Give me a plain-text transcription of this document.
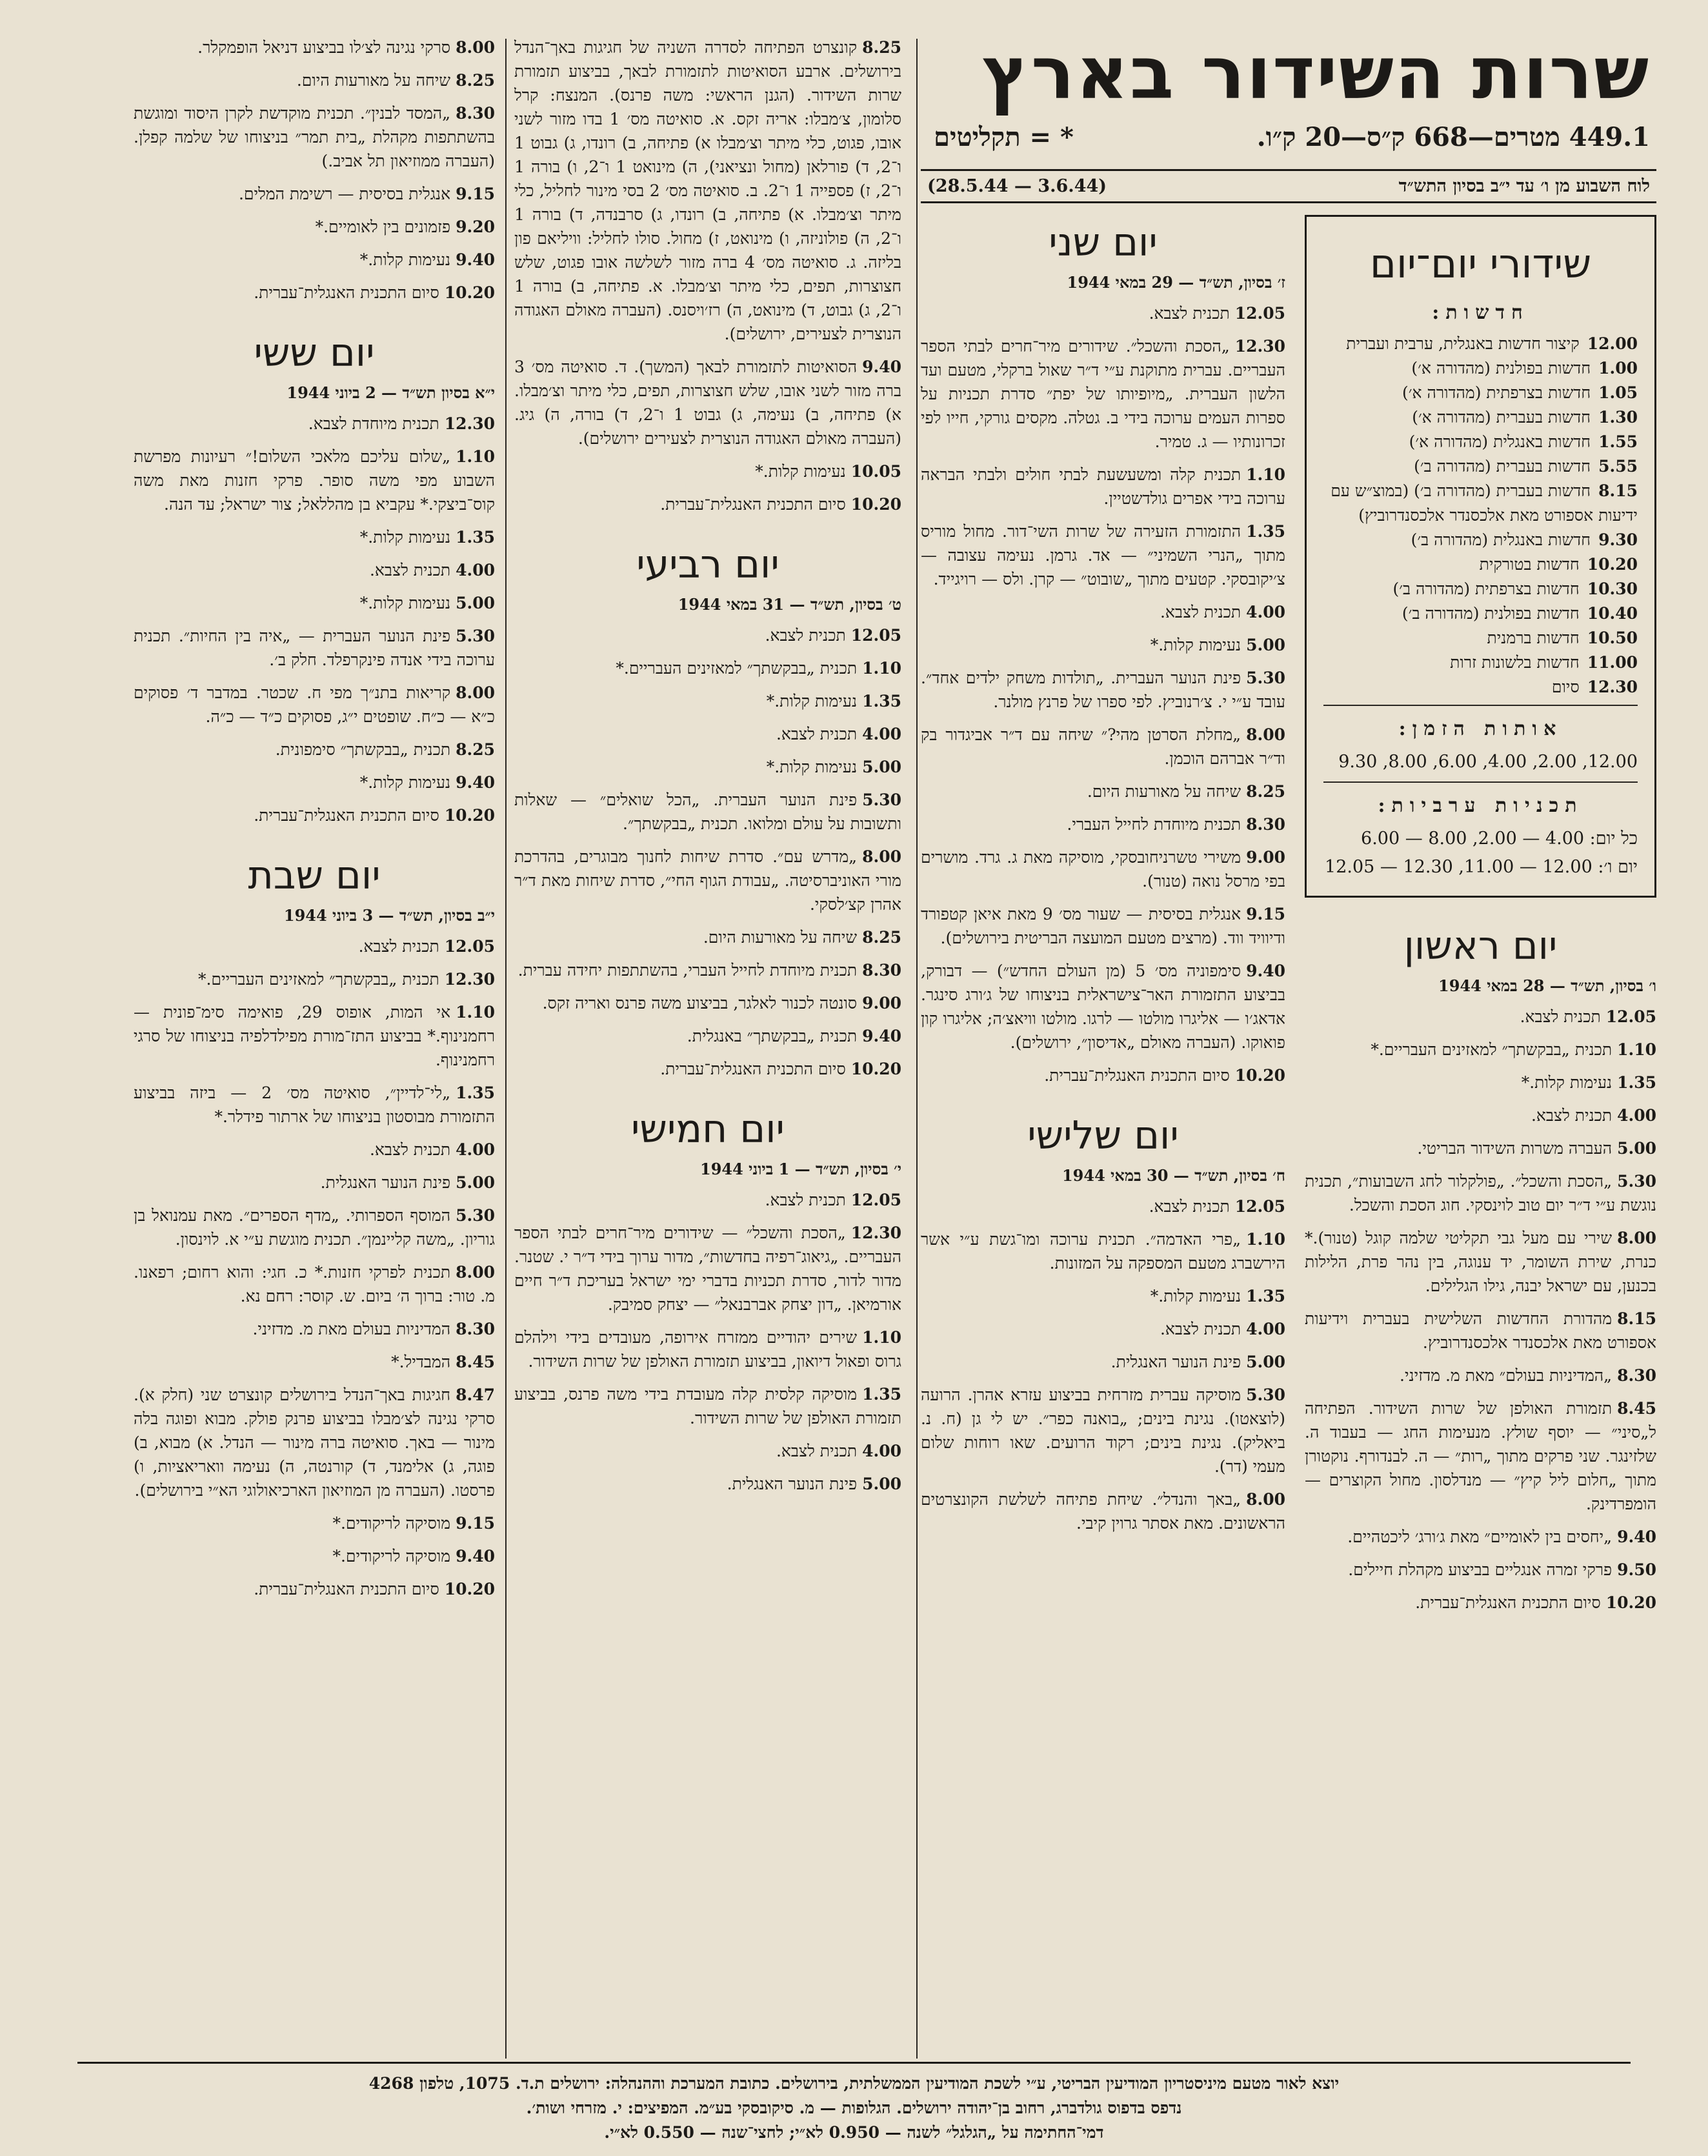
שרות השידור בארץ
449.1 מטרים—668 ק״ס—20 ק״ו.
* = תקליטים
לוח השבוע מן ו׳ עד י״ב בסיון התש״ד
(3.6.44 — 28.5.44)
שידורי יום־יום
חדשות:
12.00קיצור חדשות באנגלית, ערבית ועברית
1.00חדשות בפולנית (מהדורה א׳)
1.05חדשות בצרפתית (מהדורה א׳)
1.30חדשות בעברית (מהדורה א׳)
1.55חדשות באנגלית (מהדורה א׳)
5.55חדשות בעברית (מהדורה ב׳)
8.15חדשות בעברית (מהדורה ב׳) (במוצ״ש עם ידיעות אספורט מאת אלכסנדר אלכסנדרוביץ)
9.30חדשות באנגלית (מהדורה ב׳)
10.20חדשות בטורקית
10.30חדשות בצרפתית (מהדורה ב׳)
10.40חדשות בפולנית (מהדורה ב׳)
10.50חדשות ברמנית
11.00חדשות בלשונות זרות
12.30סיום
אותות הזמן:
12.00, 2.00, 4.00, 6.00, 8.00, 9.30
תכניות ערביות:
כל יום: 4.00 — 2.00, 8.00 — 6.00
יום ו׳: 12.00 — 11.00, 12.30 — 12.05
יום ראשון
ו׳ בסיון, תש״ד — 28 במאי 1944
12.05תכנית לצבא.
1.10תכנית „בבקשתך״ למאזינים העבריים.*
1.35נעימות קלות.*
4.00תכנית לצבא.
5.00העברה משרות השידור הבריטי.
5.30„הסכת והשכל״. „פולקלור לחג השבועות״, תכנית נוגשת ע״י ד״ר יום טוב לוינסקי. חוג הסכת והשכל.
8.00שירי עם מעל גבי תקליטי שלמה קוגל (טנור).* כנרת, שירת השומר, יד ענוגה, בין נהר פרת, הלילות בכנען, עם ישראל יבנה, גילו הגלילים.
8.15מהדורת החדשות השלישית בעברית וידיעות אספורט מאת אלכסנדר אלכסנדרוביץ.
8.30„המדיניות בעולם״ מאת מ. מדזיני.
8.45תזמורת האולפן של שרות השידור. הפתיחה ל„סיני״ — יוסף שולץ. מנעימות החג — בעבוד ה. שלזינגר. שני פרקים מתוך „רות״ — ה. לבנדורף. נוקטורן מתוך „חלום ליל קיץ״ — מנדלסון. מחול הקוצרים — הומפרדינק.
9.40„יחסים בין לאומיים״ מאת ג׳ורג׳ ליכטהיים.
9.50פרקי זמרה אנגליים בביצוע מקהלת חיילים.
10.20סיום התכנית האנגלית־עברית.
יום שני
ז׳ בסיון, תש״ד — 29 במאי 1944
12.05תכנית לצבא.
12.30„הסכת והשכל״. שידורים מיר־חרים לבתי הספר העבריים. עברית מתוקנת ע״י ד״ר שאול ברקלי, מטעם ועד הלשון העברית. „מיופיותו של יפת״ סדרת תכניות על ספרות העמים ערוכה בידי ב. גטלה. מקסים גורקי, חייו לפי זכרונותיו — ג. טמיר.
1.10תכנית קלה ומשעשעת לבתי חולים ולבתי הבראה ערוכה בידי אפרים גולדשטיין.
1.35התזמורת הזעירה של שרות השי־דור. מחול מוריס מתוך „הנרי השמיני״ — אד. גרמן. נעימה עצובה — צ׳יקובסקי. קטעים מתוך „שובוט״ — קרן. ולס — רויגייד.
4.00תכנית לצבא.
5.00נעימות קלות.*
5.30פינת הנוער העברית. „תולדות משחק ילדים אחד״. עובד ע״י י. צ׳רנוביץ. לפי ספרו של פרנץ מולנר.
8.00„מחלת הסרטן מהי?״ שיחה עם ד״ר אביגדור בק וד״ר אברהם הוכמן.
8.25שיחה על מאורעות היום.
8.30תכנית מיוחדת לחייל העברי.
9.00משירי טשרניחובסקי, מוסיקה מאת ג. גרד. מושרים בפי מרסל נואה (טנור).
9.15אנגלית בסיסית — שעור מס׳ 9 מאת איאן קטפורד ודיוויד ווד. (מרצים מטעם המועצה הבריטית בירושלים).
9.40סימפוניה מס׳ 5 (מן העולם החדש״) — דבורק, בביצוע התזמורת האר־צישראלית בניצוחו של ג׳ורג סינגר. אדאג׳ו — אליגרו מולטו — לרגו. מולטו וויאצ׳ה; אליגרו קון פואוקו. (העברה מאולם „אדיסון״, ירושלים).
10.20סיום התכנית האנגלית־עברית.
יום שלישי
ח׳ בסיון, תש״ד — 30 במאי 1944
12.05תכנית לצבא.
1.10„פרי האדמה״. תכנית ערוכה ומו־גשת ע״י אשר הירשברג מטעם המספקה על המזונות.
1.35נעימות קלות.*
4.00תכנית לצבא.
5.00פינת הנוער האנגלית.
5.30מוסיקה עברית מזרחית בביצוע עזרא אהרן. הרועה (לוצאטו). נגינת בינים; „בואנה כפר״. יש לי גן (ח. נ. ביאליק). נגינת בינים; רקוד הרועים. שאו רוחות שלום מעמי (דר).
8.00„באך והנדל״. שיחת פתיחה לשלשת הקונצרטים הראשונים. מאת אסתר גרוין קיבי.
8.25קונצרט הפתיחה לסדרה השניה של חגיגות באך־הנדל בירושלים. ארבע הסואיטות לתזמורת לבאך, בביצוע תזמורת שרות השידור. (הגנן הראשי: משה פרנס). המנצח: קרל סלומון, צ׳מבלו: אריה זקס. א. סואיטה מס׳ 1 בדו מזור לשני אובו, פגוט, כלי מיתר וצ׳מבלו א) פתיחה, ב) רונדו, ג) גבוט 1 ו־2, ד) פורלאן (מחול ונציאני), ה) מינואט 1 ו־2, ו) בורה 1 ו־2, ז) פספייה 1 ו־2. ב. סואיטה מס׳ 2 בסי מינור לחליל, כלי מיתר וצ׳מבלו. א) פתיחה, ב) רונדו, ג) סרבנדה, ד) בורה 1 ו־2, ה) פולוניזה, ו) מינואט, ז) מחול. סולו לחליל: וויליאם פון בליזה. ג. סואיטה מס׳ 4 ברה מזור לשלשה אובו פגוט, שלש חצוצרות, תפים, כלי מיתר וצ׳מבלו. א. פתיחה, ב) בורה 1 ו־2, ג) גבוט, ד) מינואט, ה) רז׳ויסנס. (העברה מאולם האגודה הנוצרית לצעירים, ירושלים).
9.40הסואיטות לתזמורת לבאך (המשך). ד. סואיטה מס׳ 3 ברה מזור לשני אובו, שלש חצוצרות, תפים, כלי מיתר וצ׳מבלו. א) פתיחה, ב) נעימה, ג) גבוט 1 ו־2, ד) בורה, ה) גיג. (העברה מאולם האגודה הנוצרית לצעירים ירושלים).
10.05נעימות קלות.*
10.20סיום התכנית האנגלית־עברית.
יום רביעי
ט׳ בסיון, תש״ד — 31 במאי 1944
12.05תכנית לצבא.
1.10תכנית „בבקשתך״ למאזינים העבריים.*
1.35נעימות קלות.*
4.00תכנית לצבא.
5.00נעימות קלות.*
5.30פינת הנוער העברית. „הכל שואלים״ — שאלות ותשובות על עולם ומלואו. תכנית „בבקשתך״.
8.00„מדרש עם״. סדרת שיחות לחנוך מבוגרים, בהדרכת מורי האוניברסיטה. „עבודת הגוף החי״, סדרת שיחות מאת ד״ר אהרן קצ׳לסקי.
8.25שיחה על מאורעות היום.
8.30תכנית מיוחדת לחייל העברי, בהשתתפות יחידה עברית.
9.00סונטה לכנור לאלגר, בביצוע משה פרנס ואריה זקס.
9.40תכנית „בבקשתך״ באנגלית.
10.20סיום התכנית האנגלית־עברית.
יום חמישי
י׳ בסיון, תש״ד — 1 ביוני 1944
12.05תכנית לצבא.
12.30„הסכת והשכל״ — שידורים מיר־חרים לבתי הספר העבריים. „גיאוג־רפיה בחדשות״, מדור ערוך בידי ד״ר י. שטנר. מדור לדור, סדרת תכניות בדברי ימי ישראל בעריכת ד״ר חיים אורמיאן. „דון יצחק אברבנאל״ — יצחק סמיבק.
1.10שירים יהודיים ממזרח אירופה, מעובדים בידי וילהלם גרוס ופאול דיואון, בביצוע תזמורת האולפן של שרות השידור.
1.35מוסיקה קלסית קלה מעובדת בידי משה פרנס, בביצוע תזמורת האולפן של שרות השידור.
4.00תכנית לצבא.
5.00פינת הנוער האנגלית.
8.00סרקי נגינה לצ׳לו בביצוע דניאל הופמקלר.
8.25שיחה על מאורעות היום.
8.30„המסד לבנין״. תכנית מוקדשת לקרן היסוד ומוגשת בהשתתפות מקהלת „בית תמר״ בניצוחו של שלמה קפלן. (העברה ממוזיאון תל אביב.)
9.15אנגלית בסיסית — רשימת המלים.
9.20פזמונים בין לאומיים.*
9.40נעימות קלות.*
10.20סיום התכנית האנגלית־עברית.
יום ששי
י״א בסיון תש״ד — 2 ביוני 1944
12.30תכנית מיוחדת לצבא.
1.10„שלום עליכם מלאכי השלום!״ רעיונות מפרשת השבוע מפי משה סופר. פרקי חזנות מאת משה קוס־ביצקי.* עקביא בן מהללאל; צור ישראל; עד הנה.
1.35נעימות קלות.*
4.00תכנית לצבא.
5.00נעימות קלות.*
5.30פינת הנוער העברית — „איה בין החיות״. תכנית ערוכה בידי אנדה פינקרפלד. חלק ב׳.
8.00קריאות בתנ״ך מפי ח. שכטר. במדבר ד׳ פסוקים כ״א — כ״ח. שופטים י״ג, פסוקים כ״ד — כ״ה.
8.25תכנית „בבקשתך״ סימפונית.
9.40נעימות קלות.*
10.20סיום התכנית האנגלית־עברית.
יום שבת
י״ב בסיון, תש״ד — 3 ביוני 1944
12.05תכנית לצבא.
12.30תכנית „בבקשתך״ למאזינים העבריים.*
1.10אי המות, אופוס 29, פואימה סימ־פונית — רחמנינוף.* בביצוע התז־מורת מפילדלפיה בניצוחו של סרגי רחמנינוף.
1.35„לי־לדיין״, סואיטה מס׳ 2 — ביזה בביצוע התזמורת מבוסטון בניצוחו של ארתור פידלר.*
4.00תכנית לצבא.
5.00פינת הנוער האנגלית.
5.30המוסף הספרותי. „מדף הספרים״. מאת עמנואל בן גוריון. „משה קליינמן״. תכנית מוגשת ע״י א. לוינסון.
8.00תכנית לפרקי חזנות.* כ. חגי: והוא רחום; רפאנו. מ. טור: ברוך ה׳ ביום. ש. קוסר: רחם נא.
8.30המדיניות בעולם מאת מ. מדזיני.
8.45המבדיל.*
8.47חגיגות באך־הנדל בירושלים קונצרט שני (חלק א). סרקי נגינה לצ׳מבלו בביצוע פרנק פולק. מבוא ופוגה בלה מינור — באך. סואיטה ברה מינור — הנדל. א) מבוא, ב) פוגה, ג) אלימנד, ד) קורנטה, ה) נעימה וואריאציות, ו) פרסטו. (העברה מן המוזיאון הארכיאולוגי הא״י בירושלים).
9.15מוסיקה לריקודים.*
9.40מוסיקה לריקודים.*
10.20סיום התכנית האנגלית־עברית.
יוצא לאור מטעם מיניסטריון המודיעין הבריטי, ע״י לשכת המודיעין הממשלתית, בירושלים. כתובת המערכת וההנהלה: ירושלים ת.ד. 1075, טלפון 4268
נדפס בדפוס גולדברג, רחוב בן־יהודה ירושלים. הגלופות — מ. סיקובסקי בע״מ. המפיצים: י. מזרחי ושות׳.
דמי־החתימה על „הגלגל״ לשנה — 0.950 לא״י; לחצי־שנה — 0.550 לא״י.
